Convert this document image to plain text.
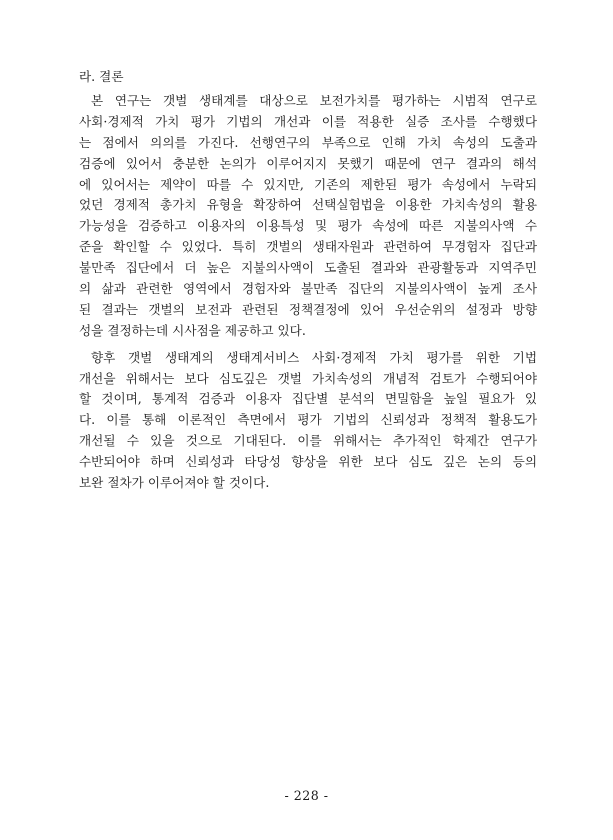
라. 결론
본 연구는 갯벌 생태계를 대상으로 보전가치를 평가하는 시범적 연구로
사회·경제적 가치 평가 기법의 개선과 이를 적용한 실증 조사를 수행했다
는 점에서 의의를 가진다. 선행연구의 부족으로 인해 가치 속성의 도출과
검증에 있어서 충분한 논의가 이루어지지 못했기 때문에 연구 결과의 해석
에 있어서는 제약이 따를 수 있지만, 기존의 제한된 평가 속성에서 누락되
었던 경제적 총가치 유형을 확장하여 선택실험법을 이용한 가치속성의 활용
가능성을 검증하고 이용자의 이용특성 및 평가 속성에 따른 지불의사액 수
준을 확인할 수 있었다. 특히 갯벌의 생태자원과 관련하여 무경험자 집단과
불만족 집단에서 더 높은 지불의사액이 도출된 결과와 관광활동과 지역주민
의 삶과 관련한 영역에서 경험자와 불만족 집단의 지불의사액이 높게 조사
된 결과는 갯벌의 보전과 관련된 정책결정에 있어 우선순위의 설정과 방향
성을 결정하는데 시사점을 제공하고 있다.
향후 갯벌 생태계의 생태계서비스 사회·경제적 가치 평가를 위한 기법
개선을 위해서는 보다 심도깊은 갯벌 가치속성의 개념적 검토가 수행되어야
할 것이며, 통계적 검증과 이용자 집단별 분석의 면밀함을 높일 필요가 있
다. 이를 통해 이론적인 측면에서 평가 기법의 신뢰성과 정책적 활용도가
개선될 수 있을 것으로 기대된다. 이를 위해서는 추가적인 학제간 연구가
수반되어야 하며 신뢰성과 타당성 향상을 위한 보다 심도 깊은 논의 등의
보완 절차가 이루어져야 할 것이다.
- 228 -
